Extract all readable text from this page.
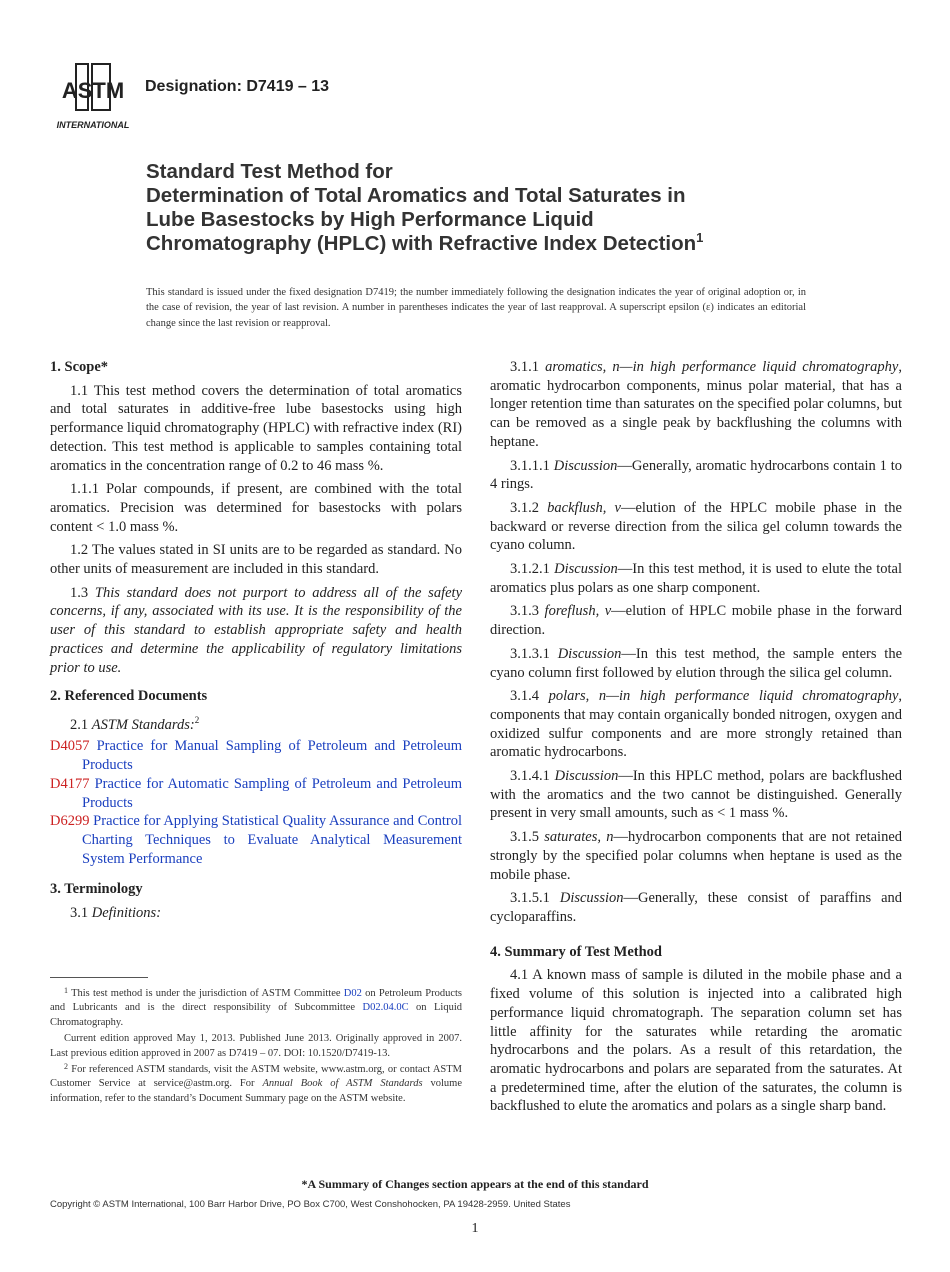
ASTM
INTERNATIONAL
Designation: D7419 – 13
Standard Test Method for
Determination of Total Aromatics and Total Saturates in
Lube Basestocks by High Performance Liquid
Chromatography (HPLC) with Refractive Index Detection$^1$
This standard is issued under the fixed designation D7419; the number immediately following the designation indicates the year of original adoption or, in the case of revision, the year of last revision. A number in parentheses indicates the year of last reapproval. A superscript epsilon (ε) indicates an editorial change since the last revision or reapproval.
1. Scope*
1.1 This test method covers the determination of total aromatics and total saturates in additive-free lube basestocks using high performance liquid chromatography (HPLC) with refractive index (RI) detection. This test method is applicable to samples containing total aromatics in the concentration range of 0.2 to 46 mass %.
1.1.1 Polar compounds, if present, are combined with the total aromatics. Precision was determined for basestocks with polars content < 1.0 mass %.
1.2 The values stated in SI units are to be regarded as standard. No other units of measurement are included in this standard.
1.3 This standard does not purport to address all of the safety concerns, if any, associated with its use. It is the responsibility of the user of this standard to establish appropriate safety and health practices and determine the applicability of regulatory limitations prior to use.
2. Referenced Documents
2.1 ASTM Standards:$^2$
D4057 Practice for Manual Sampling of Petroleum and Petroleum Products
D4177 Practice for Automatic Sampling of Petroleum and Petroleum Products
D6299 Practice for Applying Statistical Quality Assurance and Control Charting Techniques to Evaluate Analytical Measurement System Performance
3. Terminology
3.1 Definitions:
$^1$ This test method is under the jurisdiction of ASTM Committee D02 on Petroleum Products and Lubricants and is the direct responsibility of Subcommittee D02.04.0C on Liquid Chromatography.
Current edition approved May 1, 2013. Published June 2013. Originally approved in 2007. Last previous edition approved in 2007 as D7419 – 07. DOI: 10.1520/D7419-13.
$^2$ For referenced ASTM standards, visit the ASTM website, www.astm.org, or contact ASTM Customer Service at service@astm.org. For Annual Book of ASTM Standards volume information, refer to the standard’s Document Summary page on the ASTM website.
3.1.1 aromatics, n—in high performance liquid chromatography, aromatic hydrocarbon components, minus polar material, that has a longer retention time than saturates on the specified polar columns, but can be removed as a single peak by backflushing the columns with heptane.
3.1.1.1 Discussion—Generally, aromatic hydrocarbons contain 1 to 4 rings.
3.1.2 backflush, v—elution of the HPLC mobile phase in the backward or reverse direction from the silica gel column towards the cyano column.
3.1.2.1 Discussion—In this test method, it is used to elute the total aromatics plus polars as one sharp component.
3.1.3 foreflush, v—elution of HPLC mobile phase in the forward direction.
3.1.3.1 Discussion—In this test method, the sample enters the cyano column first followed by elution through the silica gel column.
3.1.4 polars, n—in high performance liquid chromatography, components that may contain organically bonded nitrogen, oxygen and oxidized sulfur components and are more strongly retained than aromatic hydrocarbons.
3.1.4.1 Discussion—In this HPLC method, polars are backflushed with the aromatics and the two cannot be distinguished. Generally present in very small amounts, such as < 1 mass %.
3.1.5 saturates, n—hydrocarbon components that are not retained strongly by the specified polar columns when heptane is used as the mobile phase.
3.1.5.1 Discussion—Generally, these consist of paraffins and cycloparaffins.
4. Summary of Test Method
4.1 A known mass of sample is diluted in the mobile phase and a fixed volume of this solution is injected into a calibrated high performance liquid chromatograph. The separation column set has little affinity for the saturates while retarding the aromatic hydrocarbons and the polars. As a result of this retardation, the aromatic hydrocarbons and polars are separated from the saturates. At a predetermined time, after the elution of the saturates, the column is backflushed to elute the aromatics and polars as a single sharp band.
*A Summary of Changes section appears at the end of this standard
Copyright © ASTM International, 100 Barr Harbor Drive, PO Box C700, West Conshohocken, PA 19428-2959. United States
1
